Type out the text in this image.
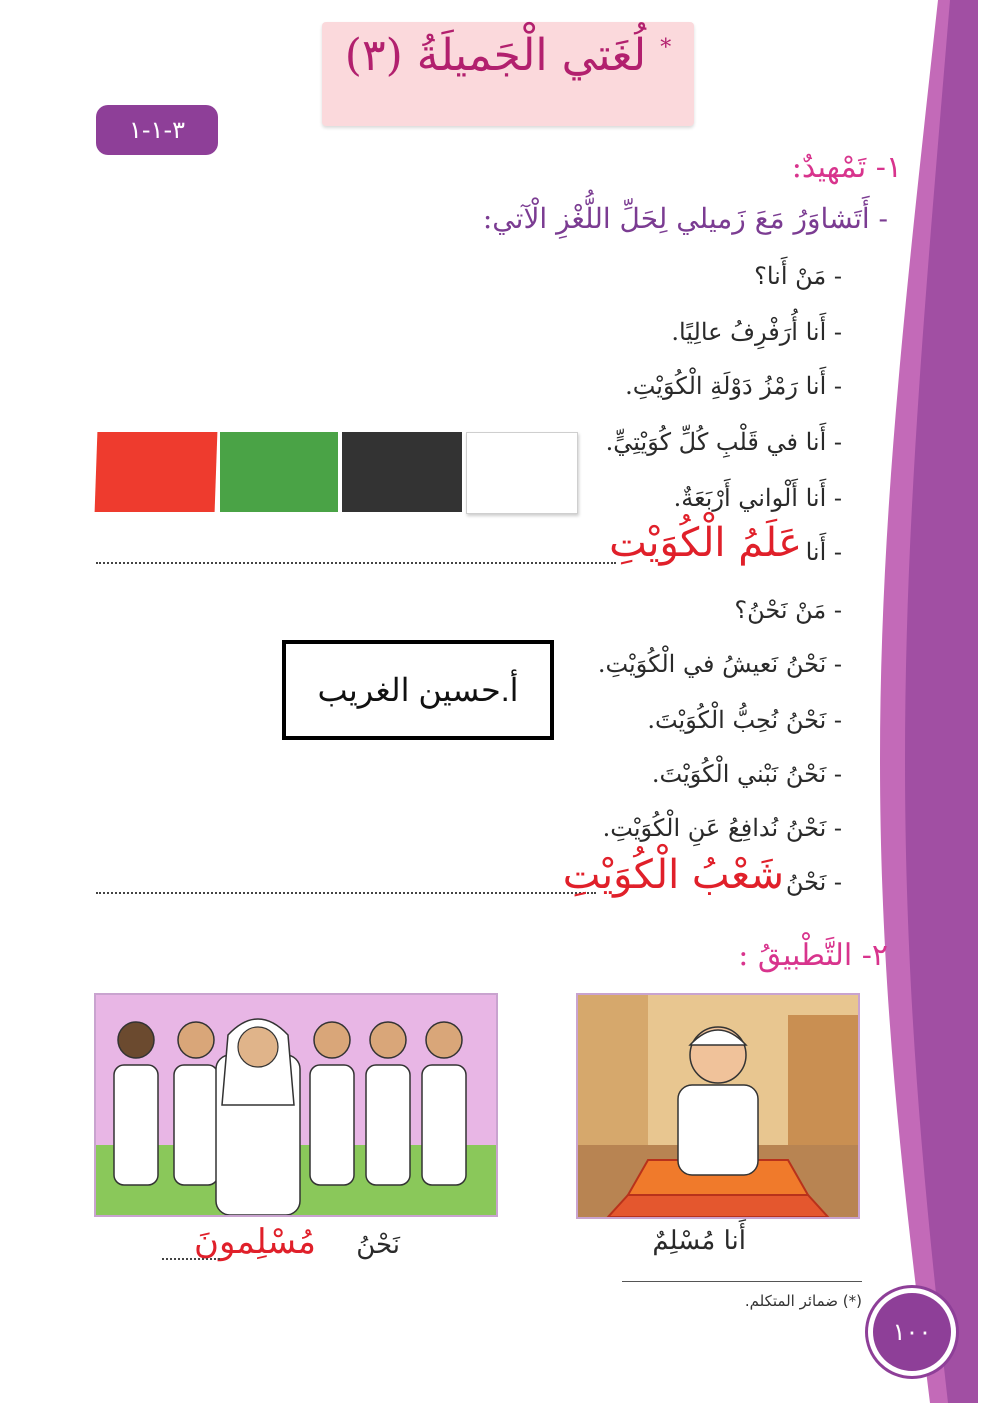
* لُغَتي الْجَميلَةُ (٣)
٣-١-١
١- تَمْهيدٌ:
- أَتَشاوَرُ مَعَ زَميلي لِحَلِّ اللُّغْزِ الْآتي:
- مَنْ أَنا؟
- أَنا أُرَفْرِفُ عالِيًا.
- أَنا رَمْزُ دَوْلَةِ الْكُوَيْتِ.
- أَنا في قَلْبِ كُلِّ كُوَيْتِيٍّ.
- أَنا أَلْواني أَرْبَعَةٌ.
- أَنا
عَلَمُ الْكُوَيْتِ
- مَنْ نَحْنُ؟
- نَحْنُ نَعيشُ في الْكُوَيْتِ.
- نَحْنُ نُحِبُّ الْكُوَيْتَ.
- نَحْنُ نَبْني الْكُوَيْتَ.
- نَحْنُ نُدافِعُ عَنِ الْكُوَيْتِ.
أ.حسين الغريب
- نَحْنُ
شَعْبُ الْكُوَيْتِ
٢- التَّطْبيقُ :
أَنا مُسْلِمٌ
نَحْنُ
مُسْلِمونَ
(*) ضمائر المتكلم.
١٠٠
